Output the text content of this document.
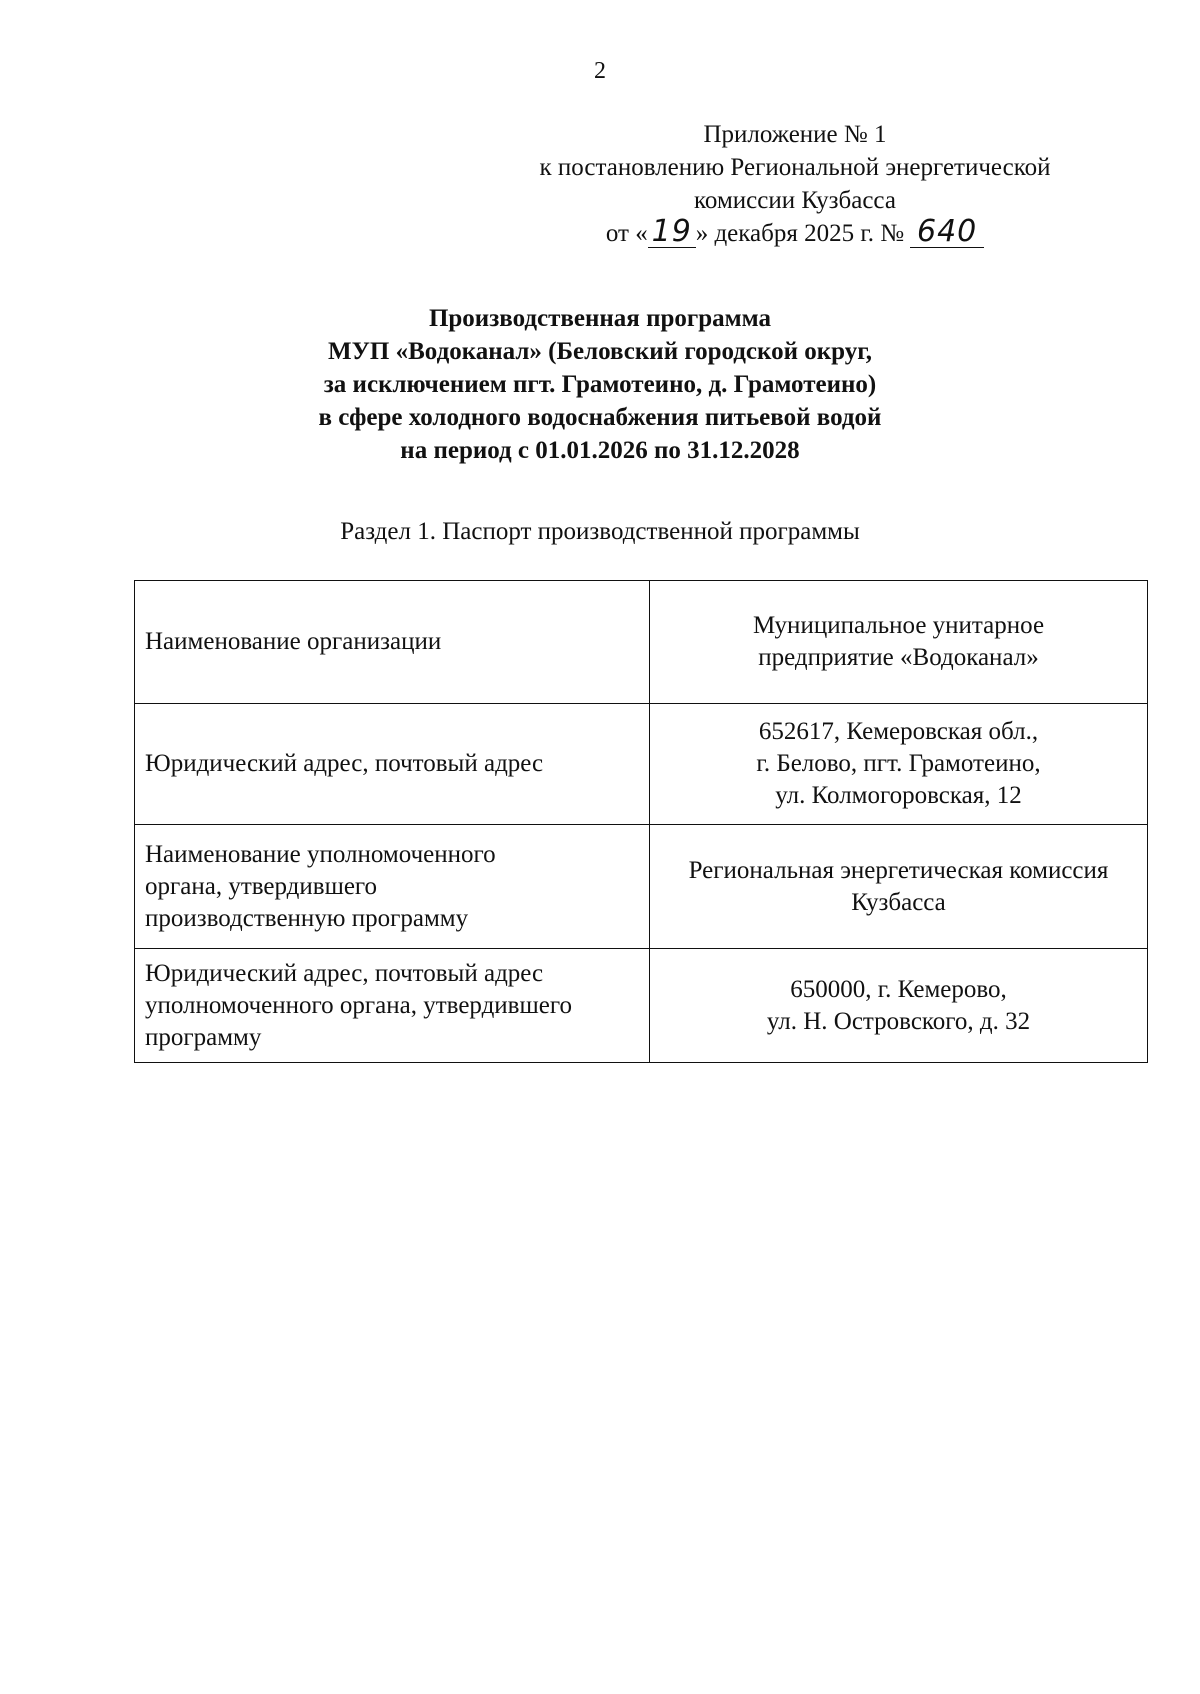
2
Приложение № 1
к постановлению Региональной энергетической
комиссии Кузбасса
от « 19 » декабря 2025 г. № 640
Производственная программа
МУП «Водоканал» (Беловский городской округ,
за исключением пгт. Грамотеино, д. Грамотеино)
в сфере холодного водоснабжения питьевой водой
на период с 01.01.2026 по 31.12.2028
Раздел 1. Паспорт производственной программы
Наименование организации	Муниципальное унитарное
предприятие «Водоканал»

Юридический адрес, почтовый адрес	652617, Кемеровская обл.,
г. Белово, пгт. Грамотеино,
ул. Колмогоровская, 12

Наименование уполномоченного
органа, утвердившего
производственную программу	Региональная энергетическая комиссия
Кузбасса

Юридический адрес, почтовый адрес
уполномоченного органа, утвердившего
программу	650000, г. Кемерово,
ул. Н. Островского, д. 32
